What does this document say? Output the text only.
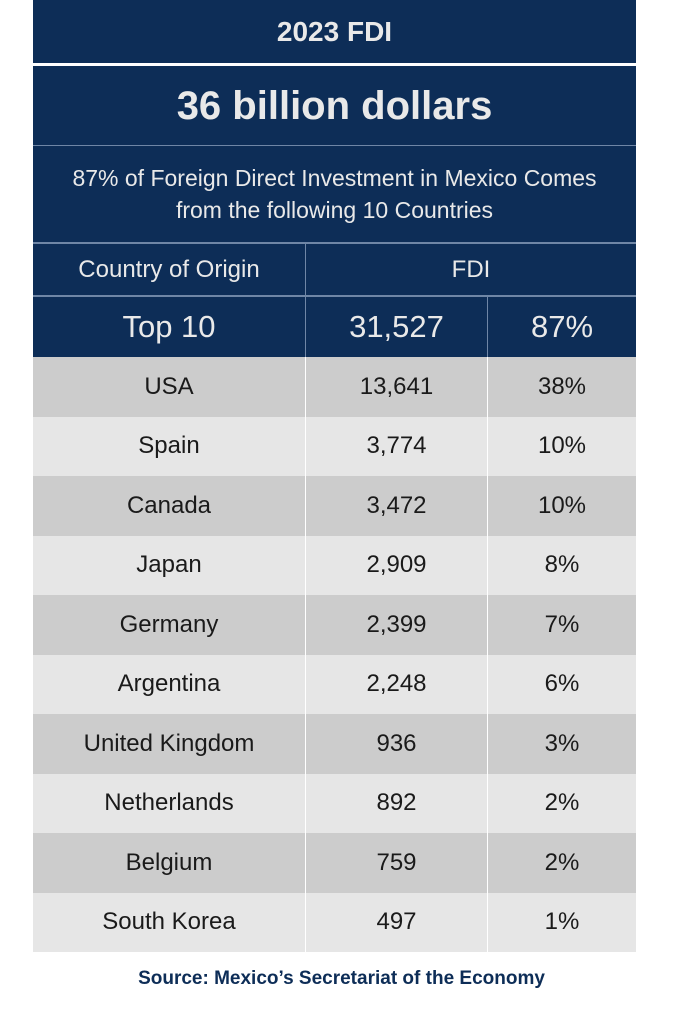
2023 FDI
36 billion dollars
87% of Foreign Direct Investment in Mexico Comes
from the following 10 Countries
Country of Origin	FDI
Top 10	31,527	87%
USA	13,641	38%
Spain	3,774	10%
Canada	3,472	10%
Japan	2,909	8%
Germany	2,399	7%
Argentina	2,248	6%
United Kingdom	936	3%
Netherlands	892	2%
Belgium	759	2%
South Korea	497	1%
Source: Mexico’s Secretariat of the Economy
